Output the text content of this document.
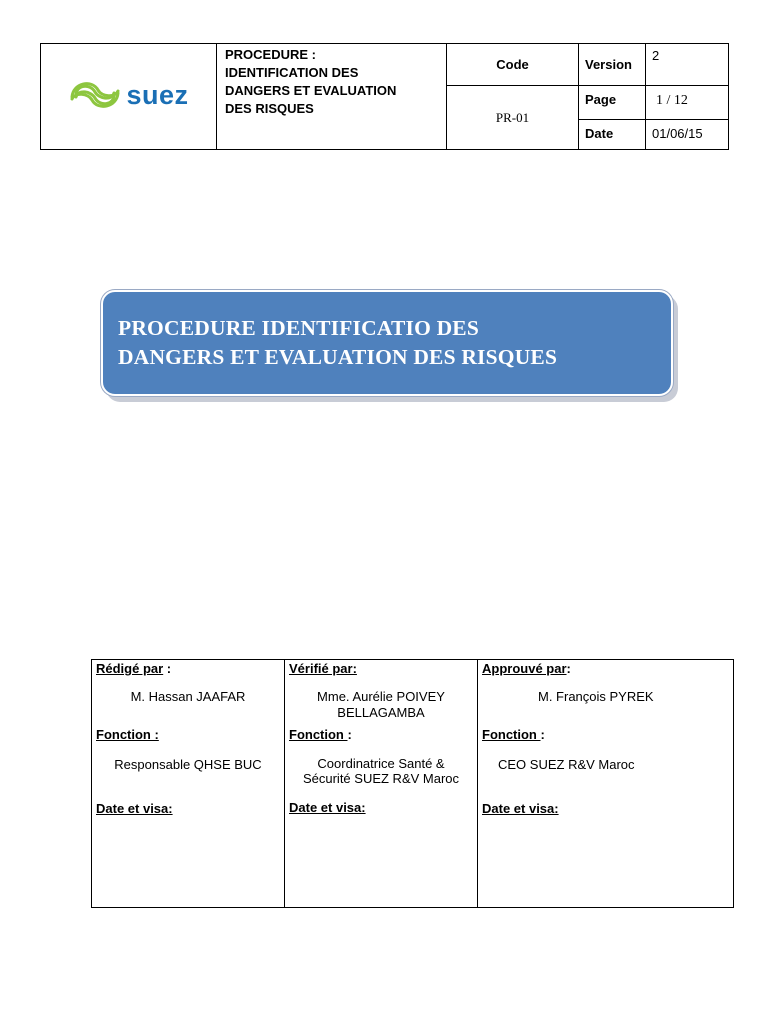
suez	PROCEDURE :
IDENTIFICATION DES
DANGERS ET EVALUATION
DES RISQUES	Code	Version	2
		PR-01	Page	1 / 12
			Date	01/06/15
PROCEDURE IDENTIFICATIO DES
DANGERS ET EVALUATION DES RISQUES
Rédigé par :
M. Hassan JAAFAR
Fonction :
Responsable QHSE BUC
Date et visa:

Vérifié par:
Mme. Aurélie POIVEY
BELLAGAMBA
Fonction :
Coordinatrice Santé &
Sécurité SUEZ R&V Maroc
Date et visa:

Approuvé par:
M. François PYREK
Fonction :
CEO SUEZ R&V Maroc
Date et visa:
